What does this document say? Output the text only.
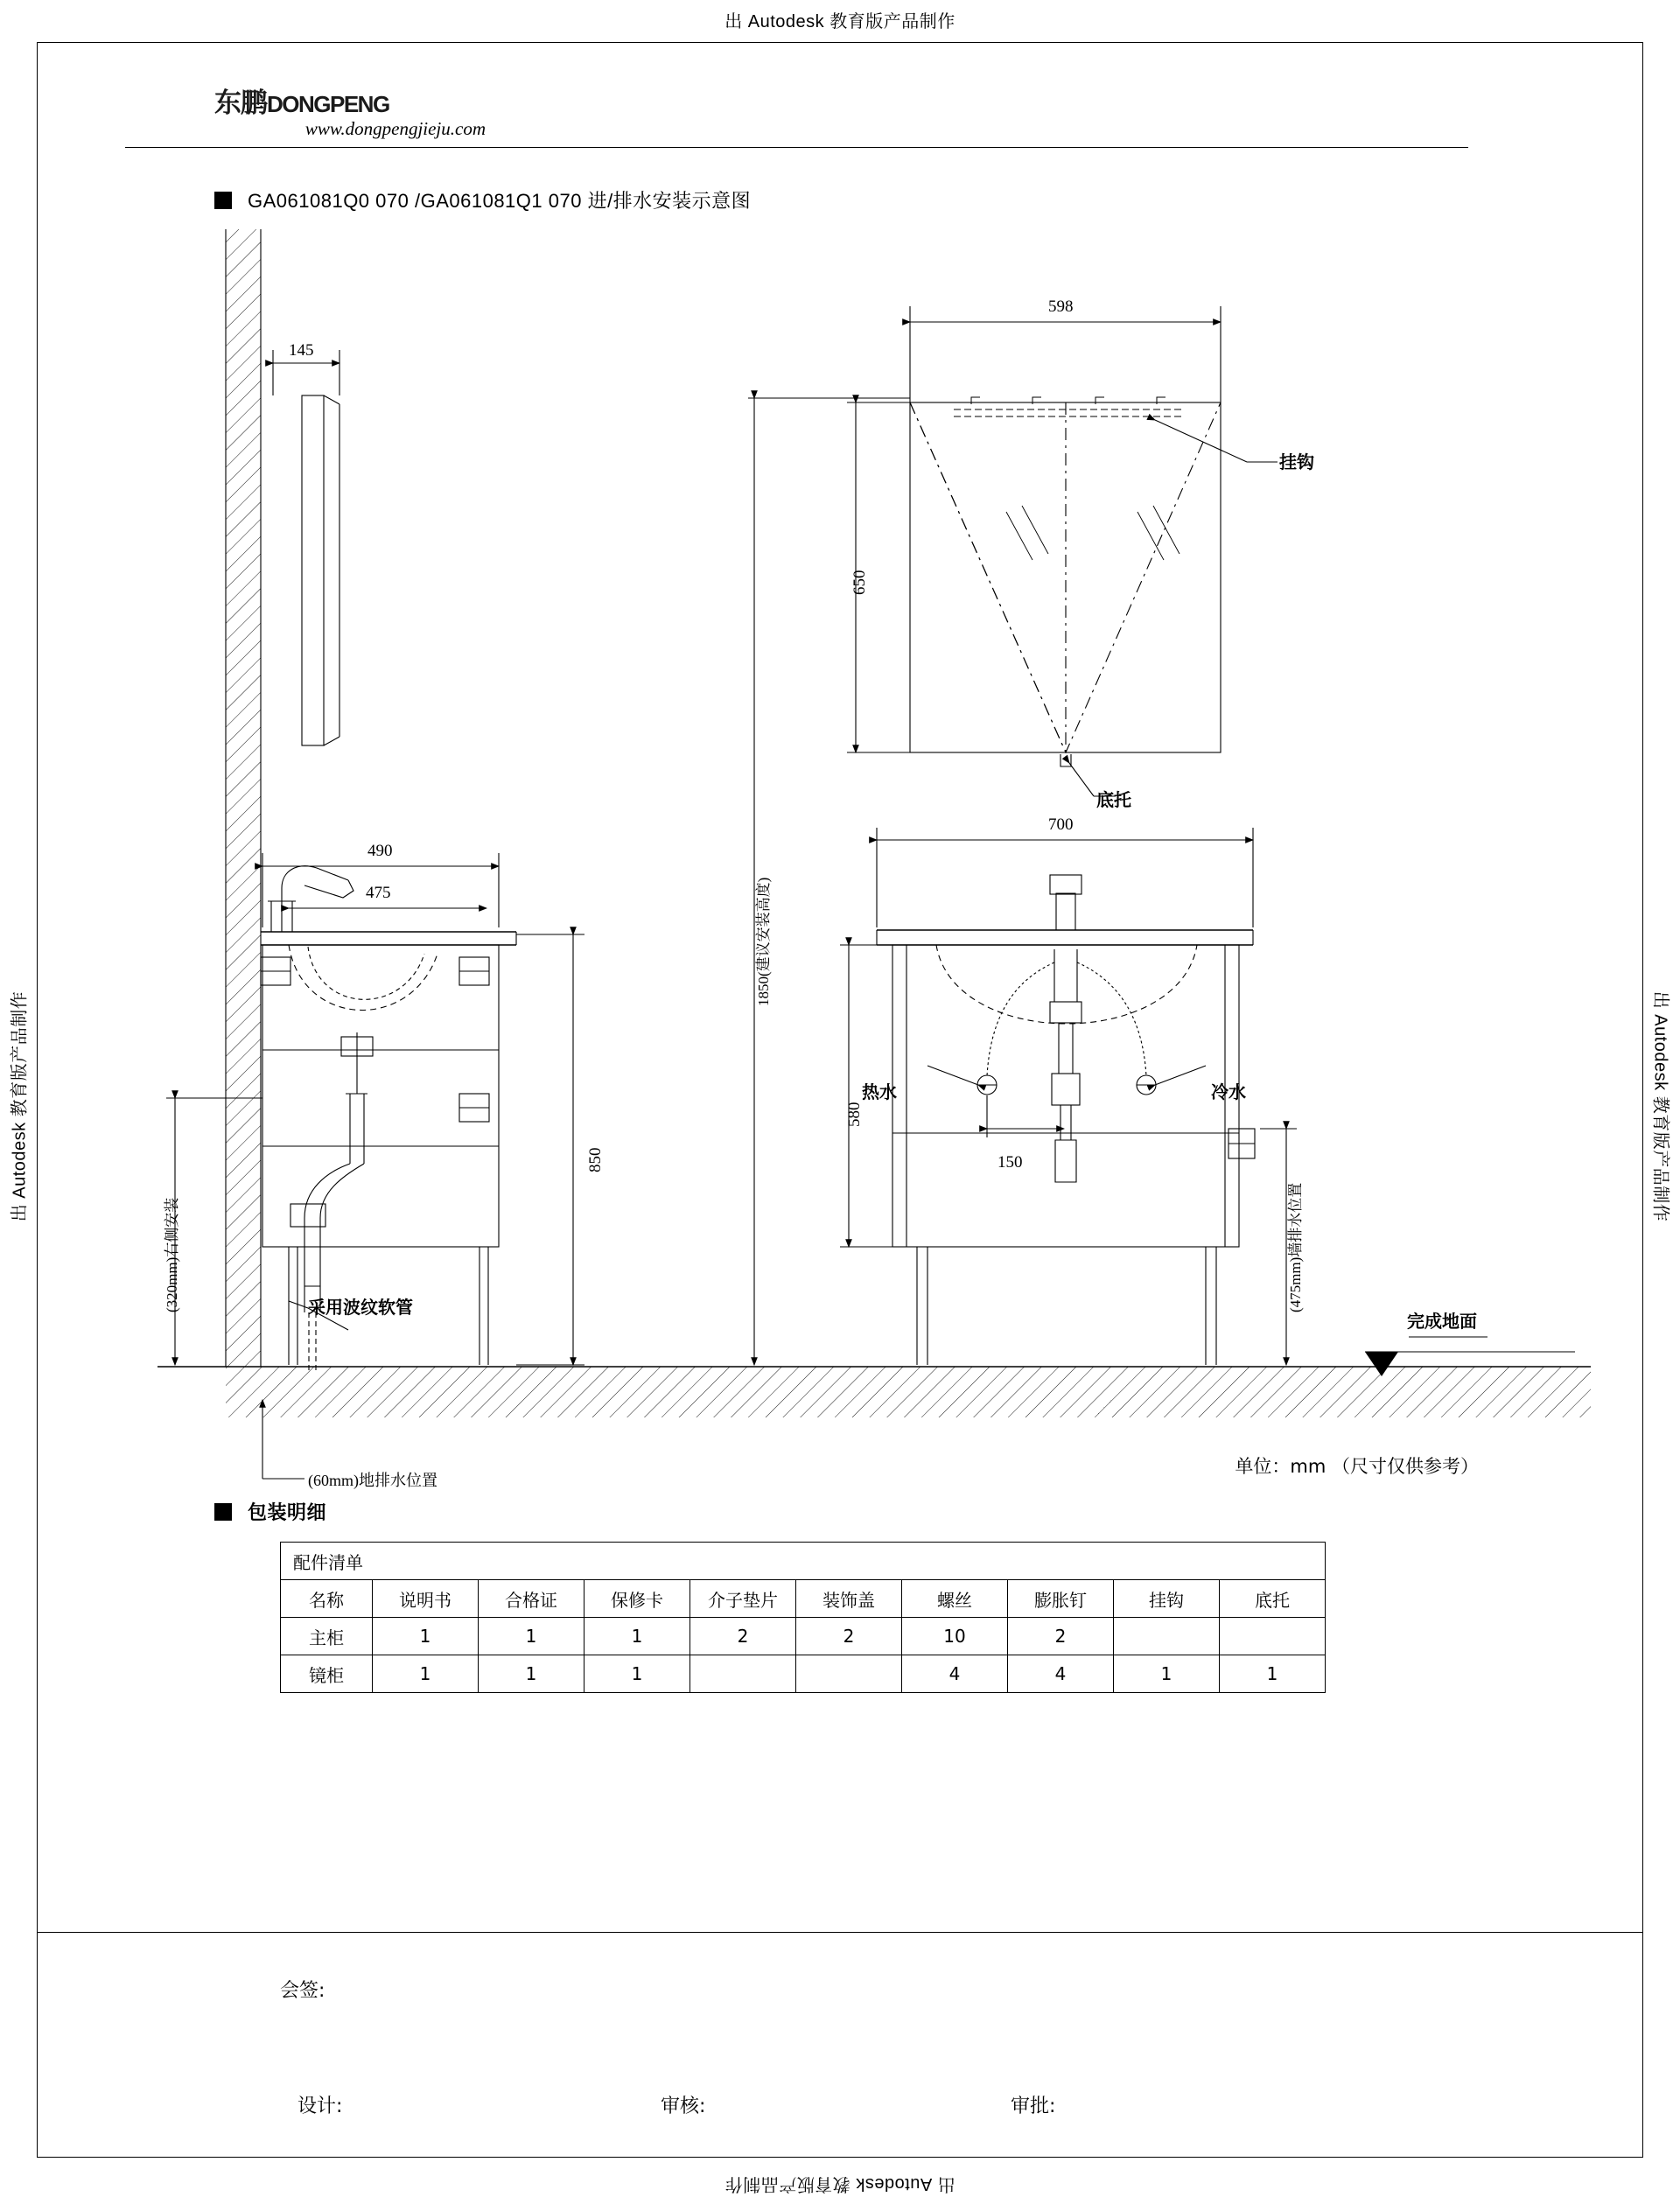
出 Autodesk 教育版产品制作
出 Autodesk 教育版产品制作
出 Autodesk 教育版产品制作	出 Autodesk 教育版产品制作
东鹏DONGPENG
www.dongpengjieju.com
GA061081Q0 070 /GA061081Q1 070 进/排水安装示意图
包装明细
145
490
475
850
(320mm)右侧安装
(60mm)地排水位置
采用波纹软管
598
650
挂钩
底托
1850(建议安装高度)
700
580
150
热水	冷水
(475mm)墙排水位置
完成地面
单位：mm （尺寸仅供参考）
配件清单									
名称	说明书	合格证	保修卡	介子垫片	装饰盖	螺丝	膨胀钉	挂钩	底托
主柜	1	1	1	2	2	10	2		
镜柜	1	1	1			4	4	1	1
会签:
设计:	审核:	审批:
